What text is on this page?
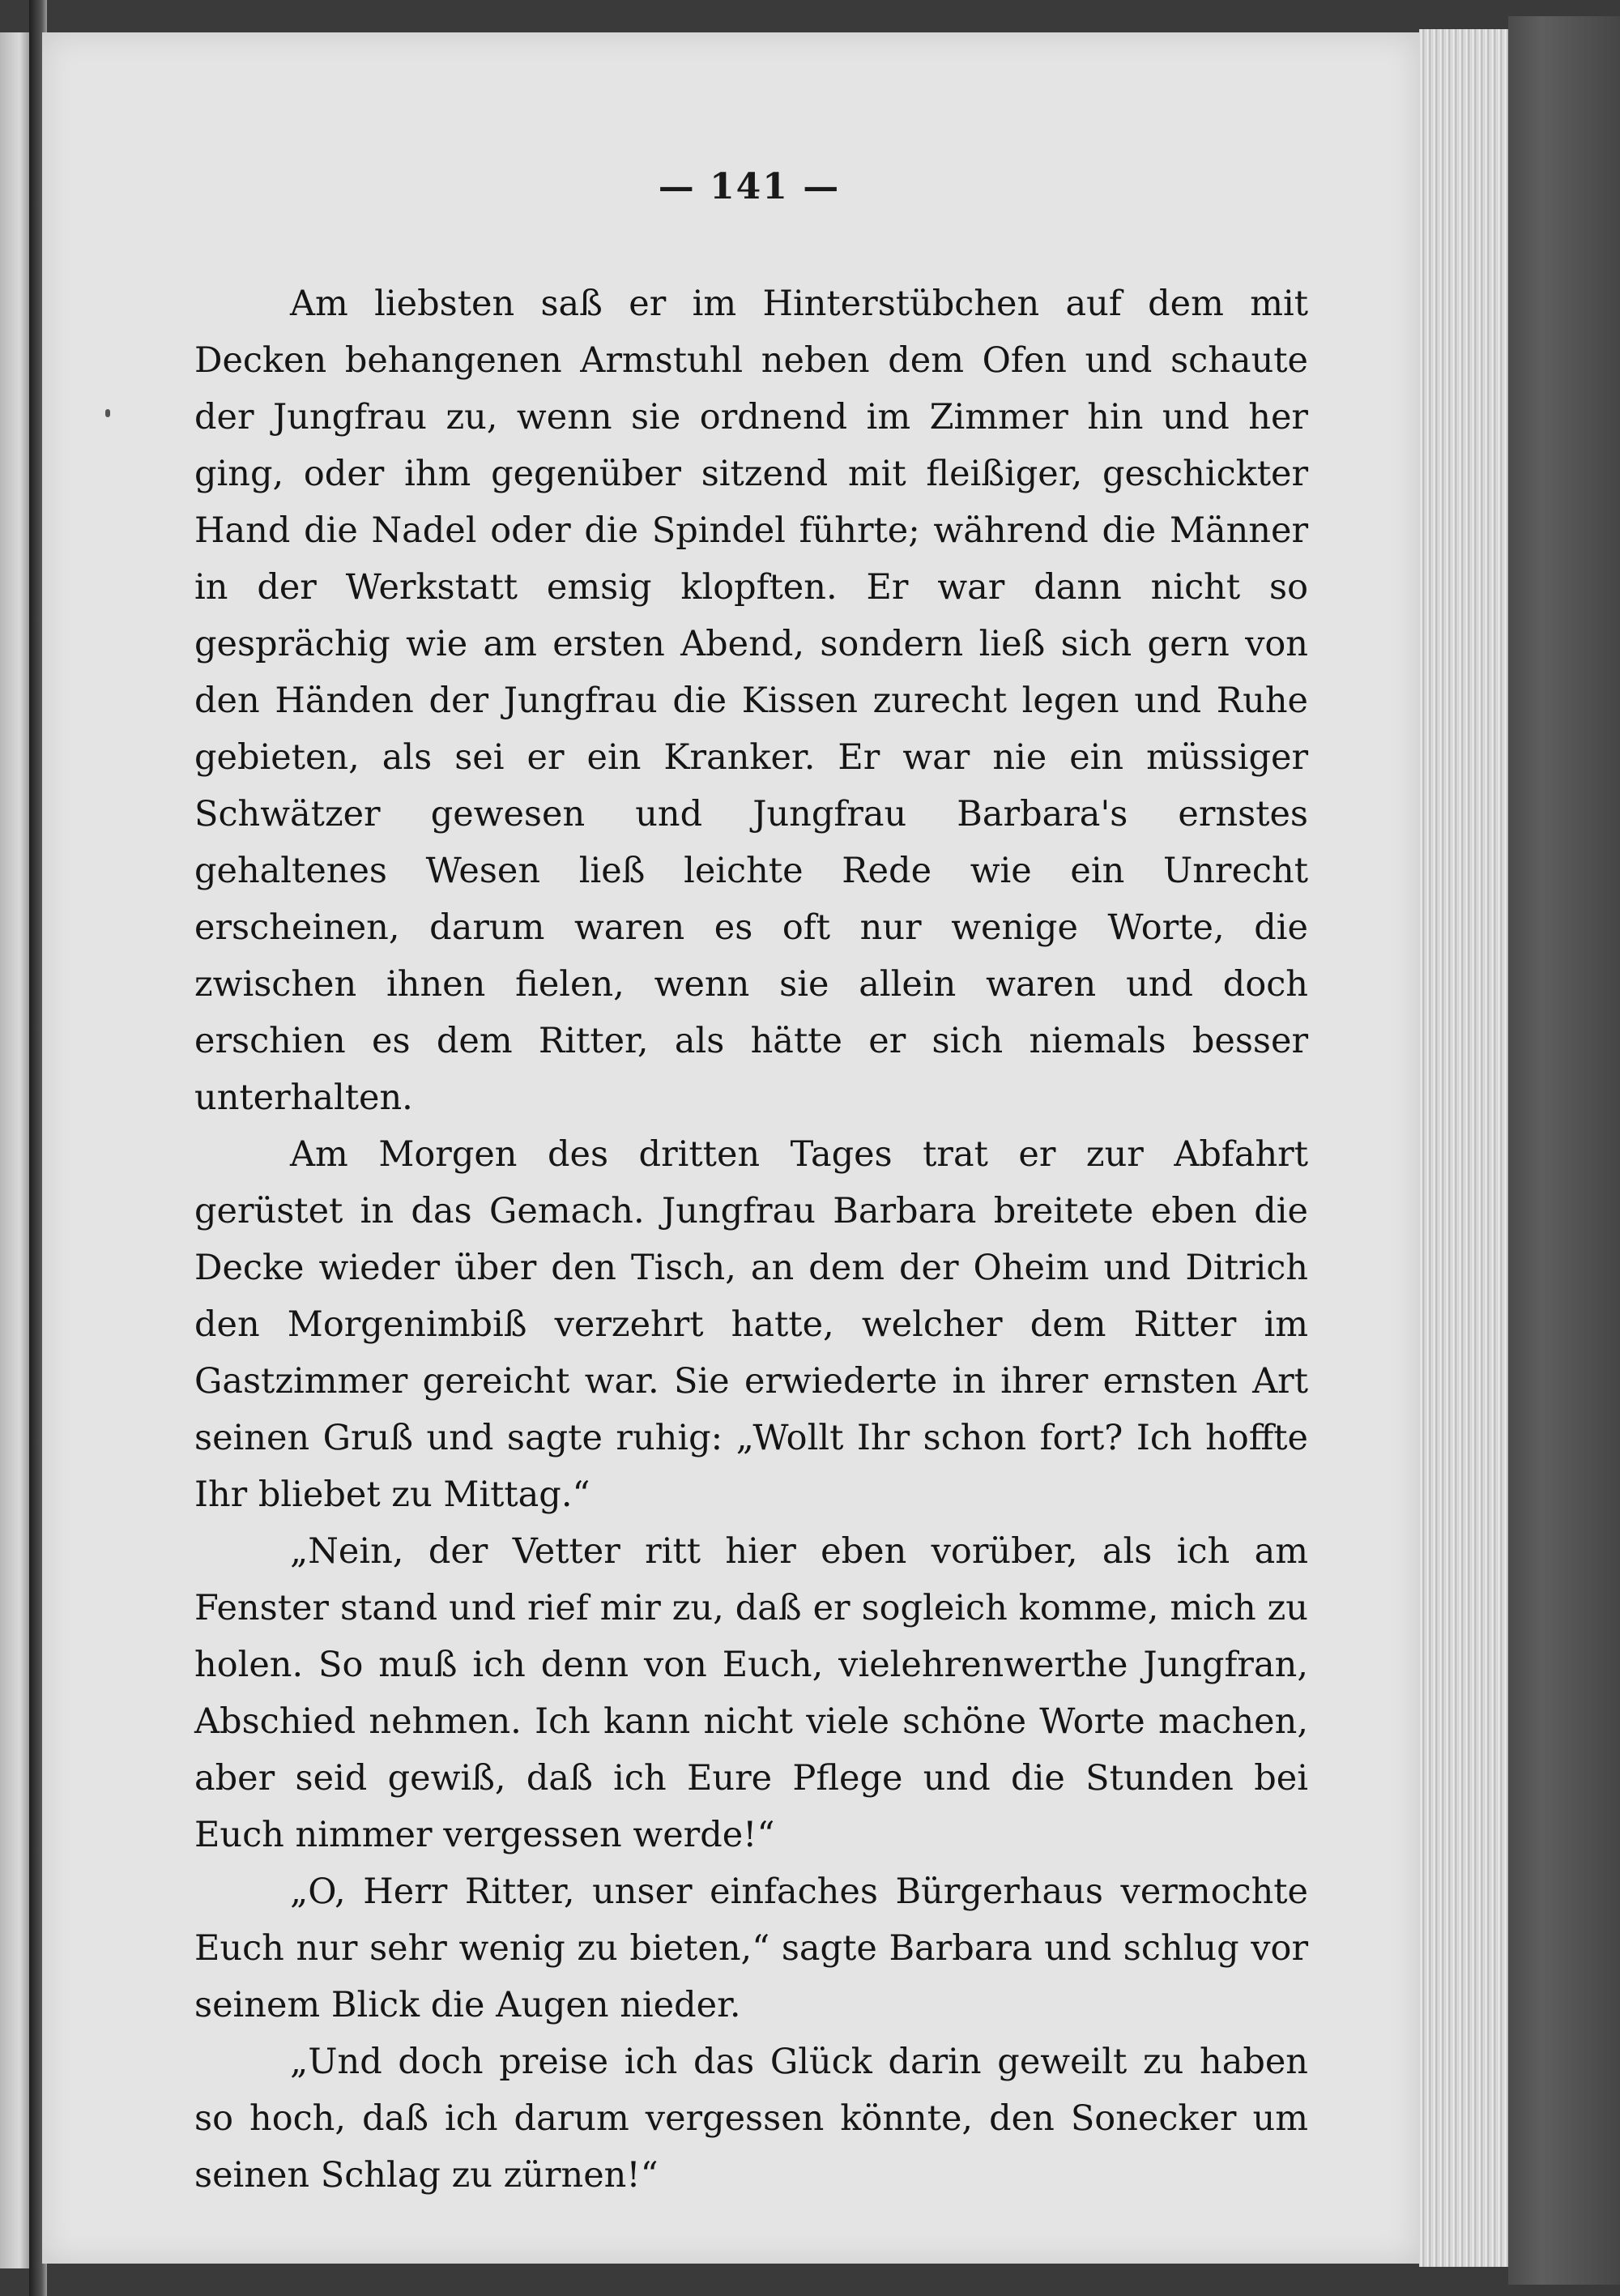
— 141 —

Am liebsten saß er im Hinterstübchen auf dem mit Decken behangenen Armstuhl neben dem Ofen und schaute der Jungfrau zu, wenn sie ordnend im Zimmer hin und her ging, oder ihm gegenüber sitzend mit fleißiger, geschickter Hand die Nadel oder die Spindel führte; während die Männer in der Werkstatt emsig klopften. Er war dann nicht so gesprächig wie am ersten Abend, sondern ließ sich gern von den Händen der Jungfrau die Kissen zurecht legen und Ruhe gebieten, als sei er ein Kranker. Er war nie ein müssiger Schwätzer gewesen und Jungfrau Barbara's ernstes gehaltenes Wesen ließ leichte Rede wie ein Unrecht erscheinen, darum waren es oft nur wenige Worte, die zwischen ihnen fielen, wenn sie allein waren und doch erschien es dem Ritter, als hätte er sich niemals besser unterhalten.

Am Morgen des dritten Tages trat er zur Abfahrt gerüstet in das Gemach. Jungfrau Barbara breitete eben die Decke wieder über den Tisch, an dem der Oheim und Ditrich den Morgenimbiß verzehrt hatte, welcher dem Ritter im Gastzimmer gereicht war. Sie erwiederte in ihrer ernsten Art seinen Gruß und sagte ruhig: „Wollt Ihr schon fort? Ich hoffte Ihr bliebet zu Mittag.“

„Nein, der Vetter ritt hier eben vorüber, als ich am Fenster stand und rief mir zu, daß er sogleich komme, mich zu holen. So muß ich denn von Euch, vielehrenwerthe Jungfran, Abschied nehmen. Ich kann nicht viele schöne Worte machen, aber seid gewiß, daß ich Eure Pflege und die Stunden bei Euch nimmer vergessen werde!“

„O, Herr Ritter, unser einfaches Bürgerhaus vermochte Euch nur sehr wenig zu bieten,“ sagte Barbara und schlug vor seinem Blick die Augen nieder.

„Und doch preise ich das Glück darin geweilt zu haben so hoch, daß ich darum vergessen könnte, den Sonecker um seinen Schlag zu zürnen!“
